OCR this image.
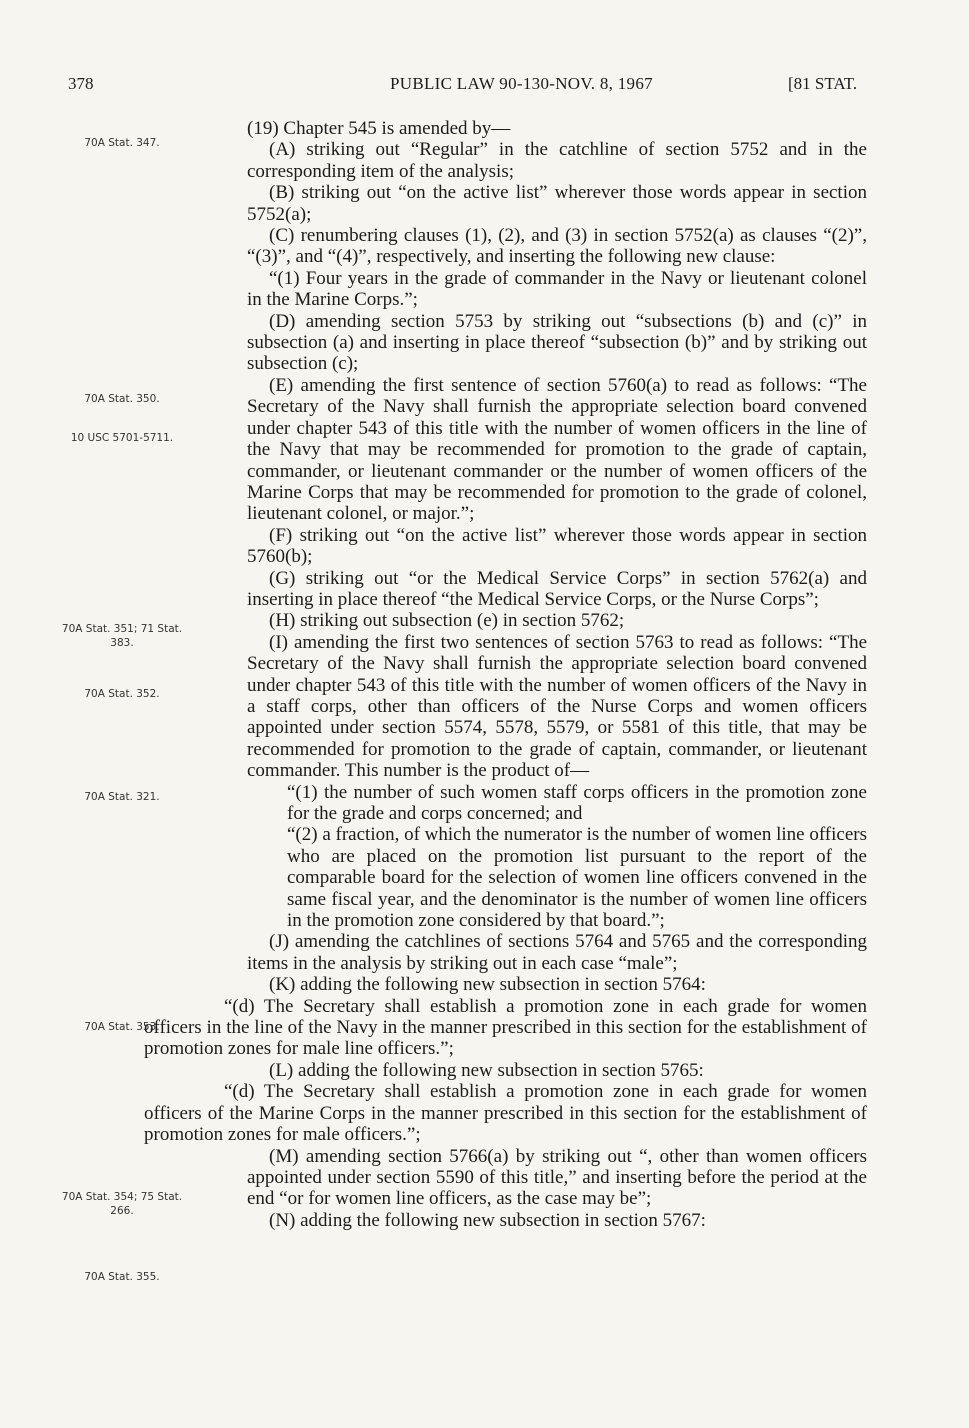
378	PUBLIC LAW 90-130-NOV. 8, 1967	[81 STAT.
70A Stat. 347.
70A Stat. 350.
10 USC 5701-5711.
70A Stat. 351; 71 Stat. 383.
70A Stat. 352.
70A Stat. 321.
70A Stat. 353.
70A Stat. 354; 75 Stat. 266.
70A Stat. 355.

(19) Chapter 545 is amended by—

(A) striking out “Regular” in the catchline of section 5752 and in the corresponding item of the analysis;

(B) striking out “on the active list” wherever those words appear in section 5752(a);

(C) renumbering clauses (1), (2), and (3) in section 5752(a) as clauses “(2)”, “(3)”, and “(4)”, respectively, and inserting the following new clause:

“(1) Four years in the grade of commander in the Navy or lieutenant colonel in the Marine Corps.”;

(D) amending section 5753 by striking out “subsections (b) and (c)” in subsection (a) and inserting in place thereof “subsection (b)” and by striking out subsection (c);

(E) amending the first sentence of section 5760(a) to read as follows: “The Secretary of the Navy shall furnish the appropriate selection board convened under chapter 543 of this title with the number of women officers in the line of the Navy that may be recommended for promotion to the grade of captain, commander, or lieutenant commander or the number of women officers of the Marine Corps that may be recommended for promotion to the grade of colonel, lieutenant colonel, or major.”;

(F) striking out “on the active list” wherever those words appear in section 5760(b);

(G) striking out “or the Medical Service Corps” in section 5762(a) and inserting in place thereof “the Medical Service Corps, or the Nurse Corps”;

(H) striking out subsection (e) in section 5762;

(I) amending the first two sentences of section 5763 to read as follows: “The Secretary of the Navy shall furnish the appropriate selection board convened under chapter 543 of this title with the number of women officers of the Navy in a staff corps, other than officers of the Nurse Corps and women officers appointed under section 5574, 5578, 5579, or 5581 of this title, that may be recommended for promotion to the grade of captain, commander, or lieutenant commander. This number is the product of—

“(1) the number of such women staff corps officers in the promotion zone for the grade and corps concerned; and

“(2) a fraction, of which the numerator is the number of women line officers who are placed on the promotion list pursuant to the report of the comparable board for the selection of women line officers convened in the same fiscal year, and the denominator is the number of women line officers in the promotion zone considered by that board.”;

(J) amending the catchlines of sections 5764 and 5765 and the corresponding items in the analysis by striking out in each case “male”;

(K) adding the following new subsection in section 5764:

“(d) The Secretary shall establish a promotion zone in each grade for women officers in the line of the Navy in the manner prescribed in this section for the establishment of promotion zones for male line officers.”;

(L) adding the following new subsection in section 5765:

“(d) The Secretary shall establish a promotion zone in each grade for women officers of the Marine Corps in the manner prescribed in this section for the establishment of promotion zones for male officers.”;

(M) amending section 5766(a) by striking out “, other than women officers appointed under section 5590 of this title,” and inserting before the period at the end “or for women line officers, as the case may be”;

(N) adding the following new subsection in section 5767:
